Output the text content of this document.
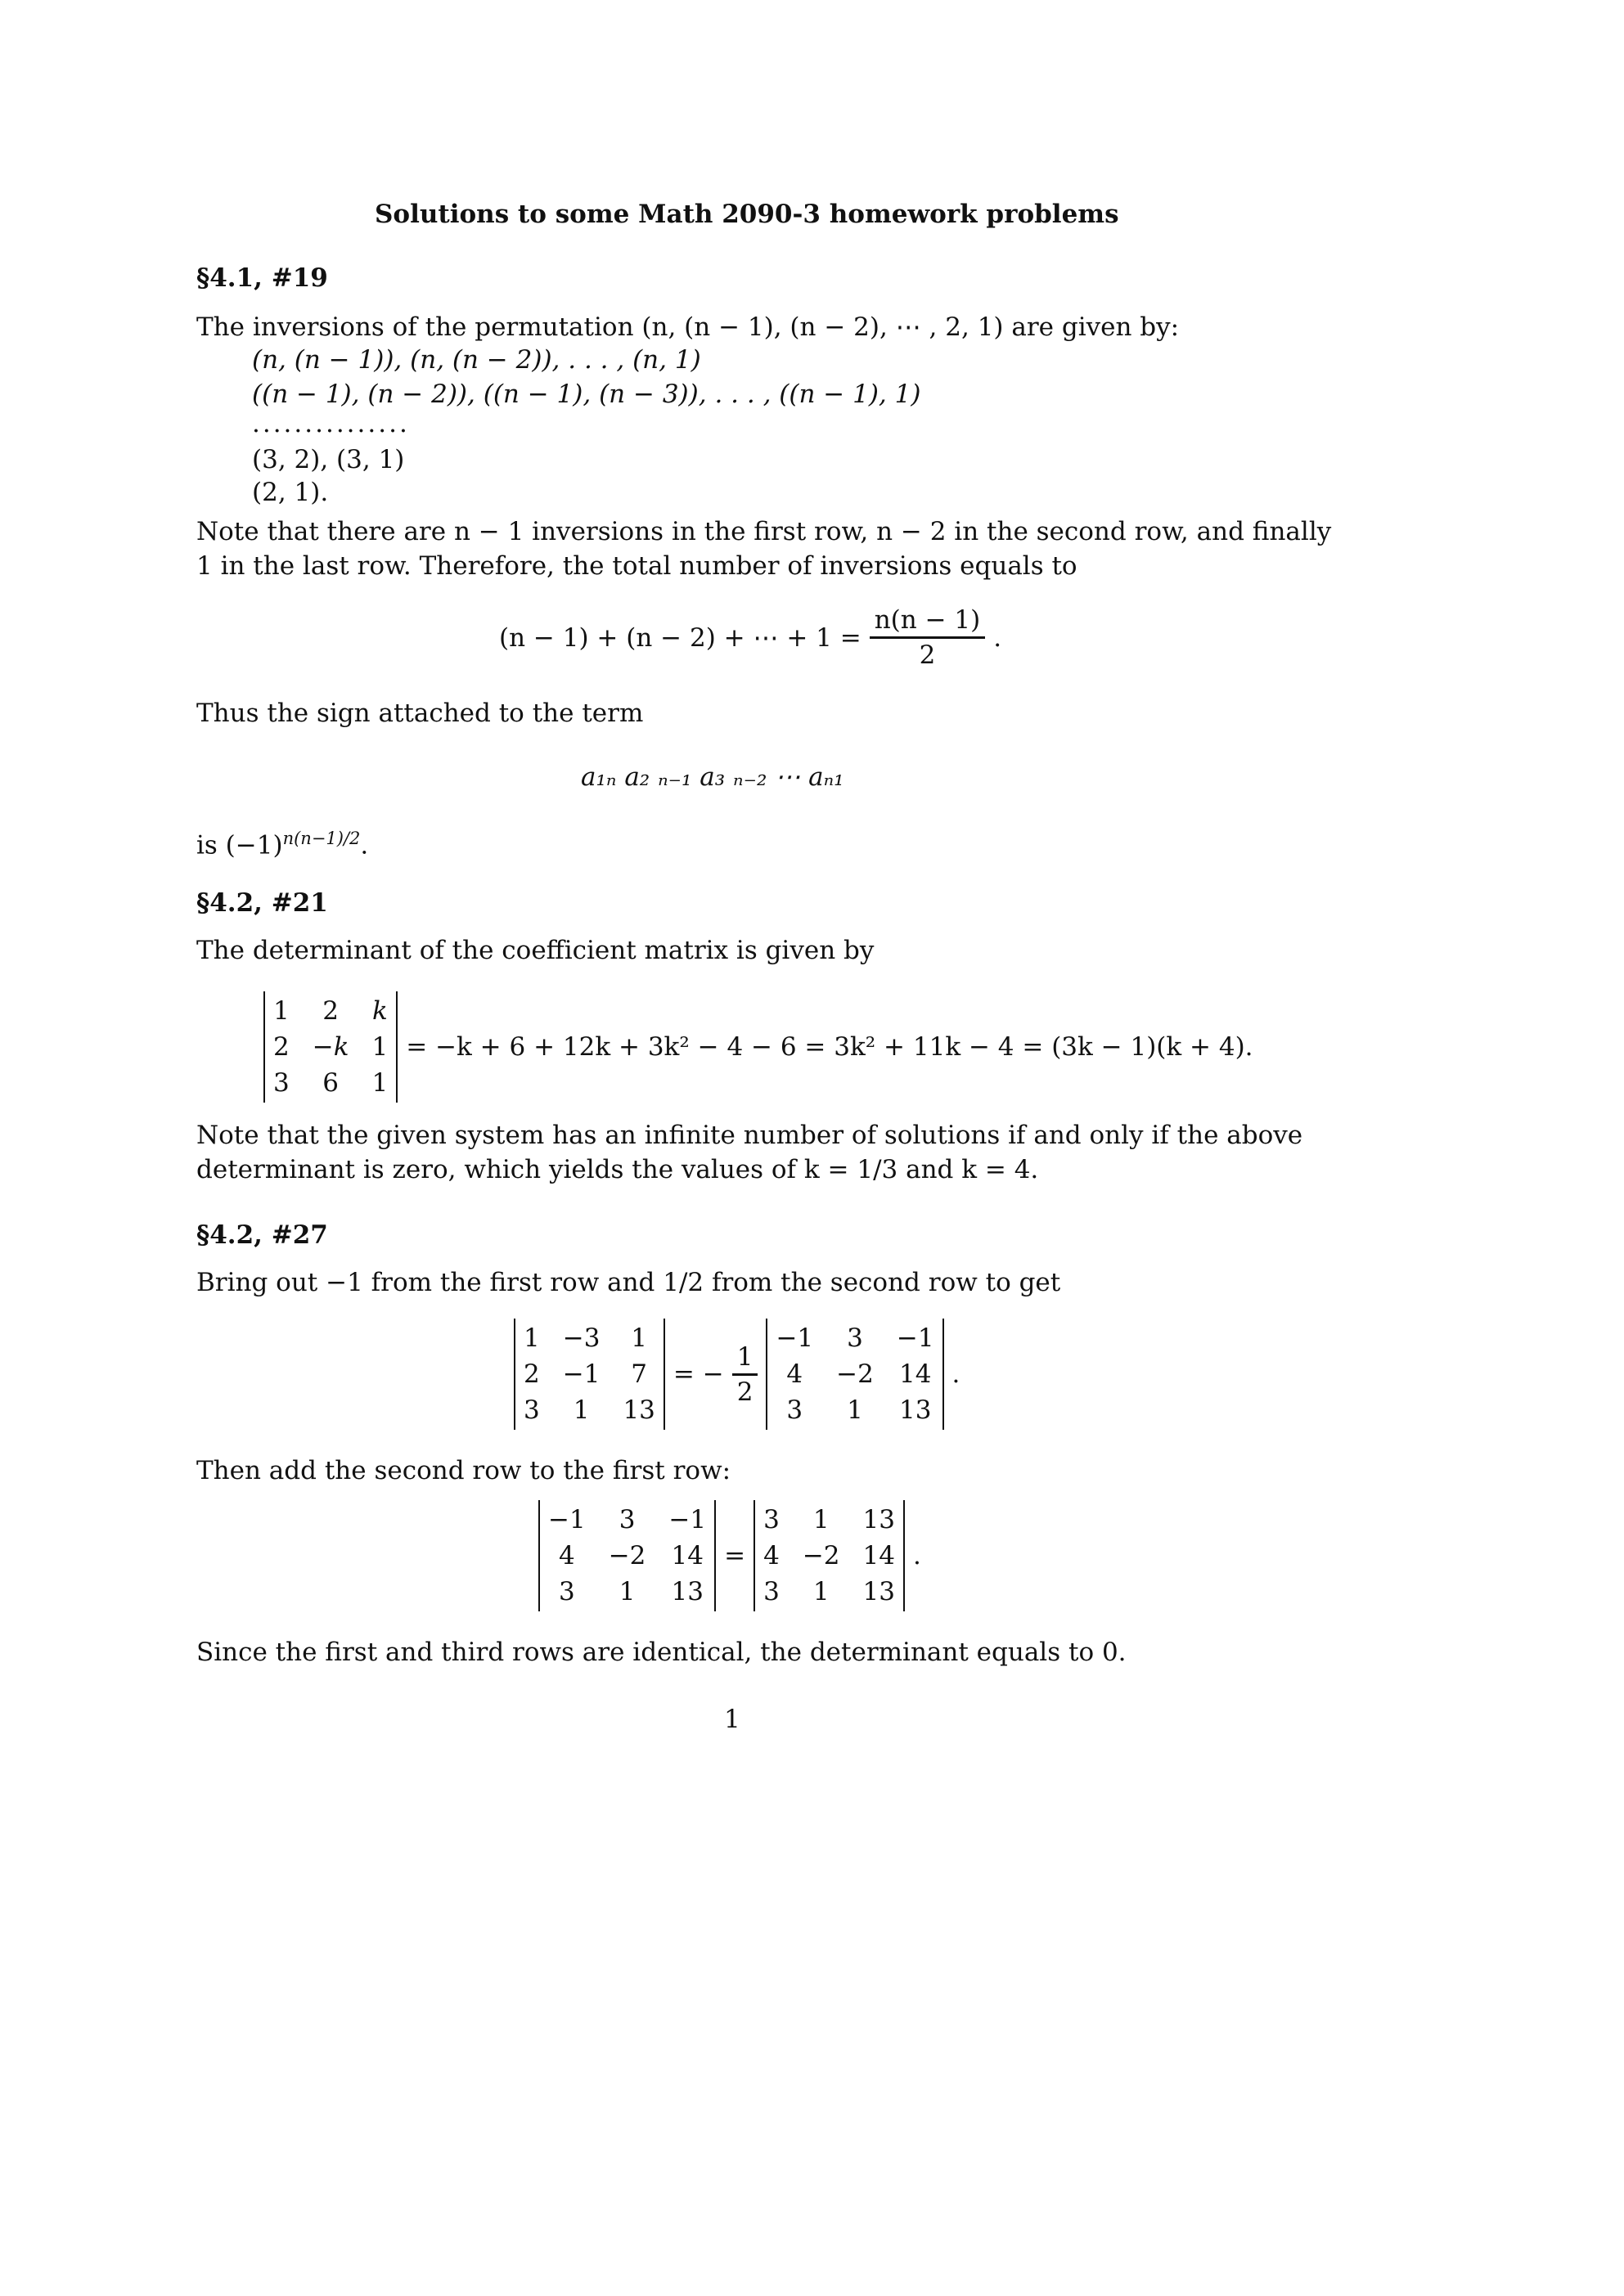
Solutions to some Math 2090-3 homework problems
§4.1, #19
The inversions of the permutation (n, (n − 1), (n − 2), ⋯ , 2, 1) are given by:
(n, (n − 1)), (n, (n − 2)), . . . , (n, 1)
((n − 1), (n − 2)), ((n − 1), (n − 3)), . . . , ((n − 1), 1)
...............
(3, 2), (3, 1)
(2, 1).
Note that there are n − 1 inversions in the first row, n − 2 in the second row, and finally
1 in the last row. Therefore, the total number of inversions equals to
(n − 1) + (n − 2) + ⋯ + $1 = \frac{n(n - 1)}{2}$ .
Thus the sign attached to the term
a₁ₙ a₂ ₙ₋₁ a₃ ₙ₋₂ ⋯ aₙ₁
is $(-1)^{n(n-1)/2}$.
§4.2, #21
The determinant of the coefficient matrix is given by
1	2	k
2	−k	1
3	6	1
= −k + 6 + 12k + 3k² − 4 − 6 = 3k² + 11k − 4 = (3k − 1)(k + 4).
Note that the given system has an infinite number of solutions if and only if the above
determinant is zero, which yields the values of k = 1/3 and k = 4.
§4.2, #27
Bring out −1 from the first row and 1/2 from the second row to get
1	−3	1
2	−1	7
3	1	13
= − $\frac{1}{2}$
−1	3	−1
4	−2	14
3	1	13
.
Then add the second row to the first row:
−1	3	−1
4	−2	14
3	1	13
=
3	1	13
4	−2	14
3	1	13
.
Since the first and third rows are identical, the determinant equals to 0.
1
